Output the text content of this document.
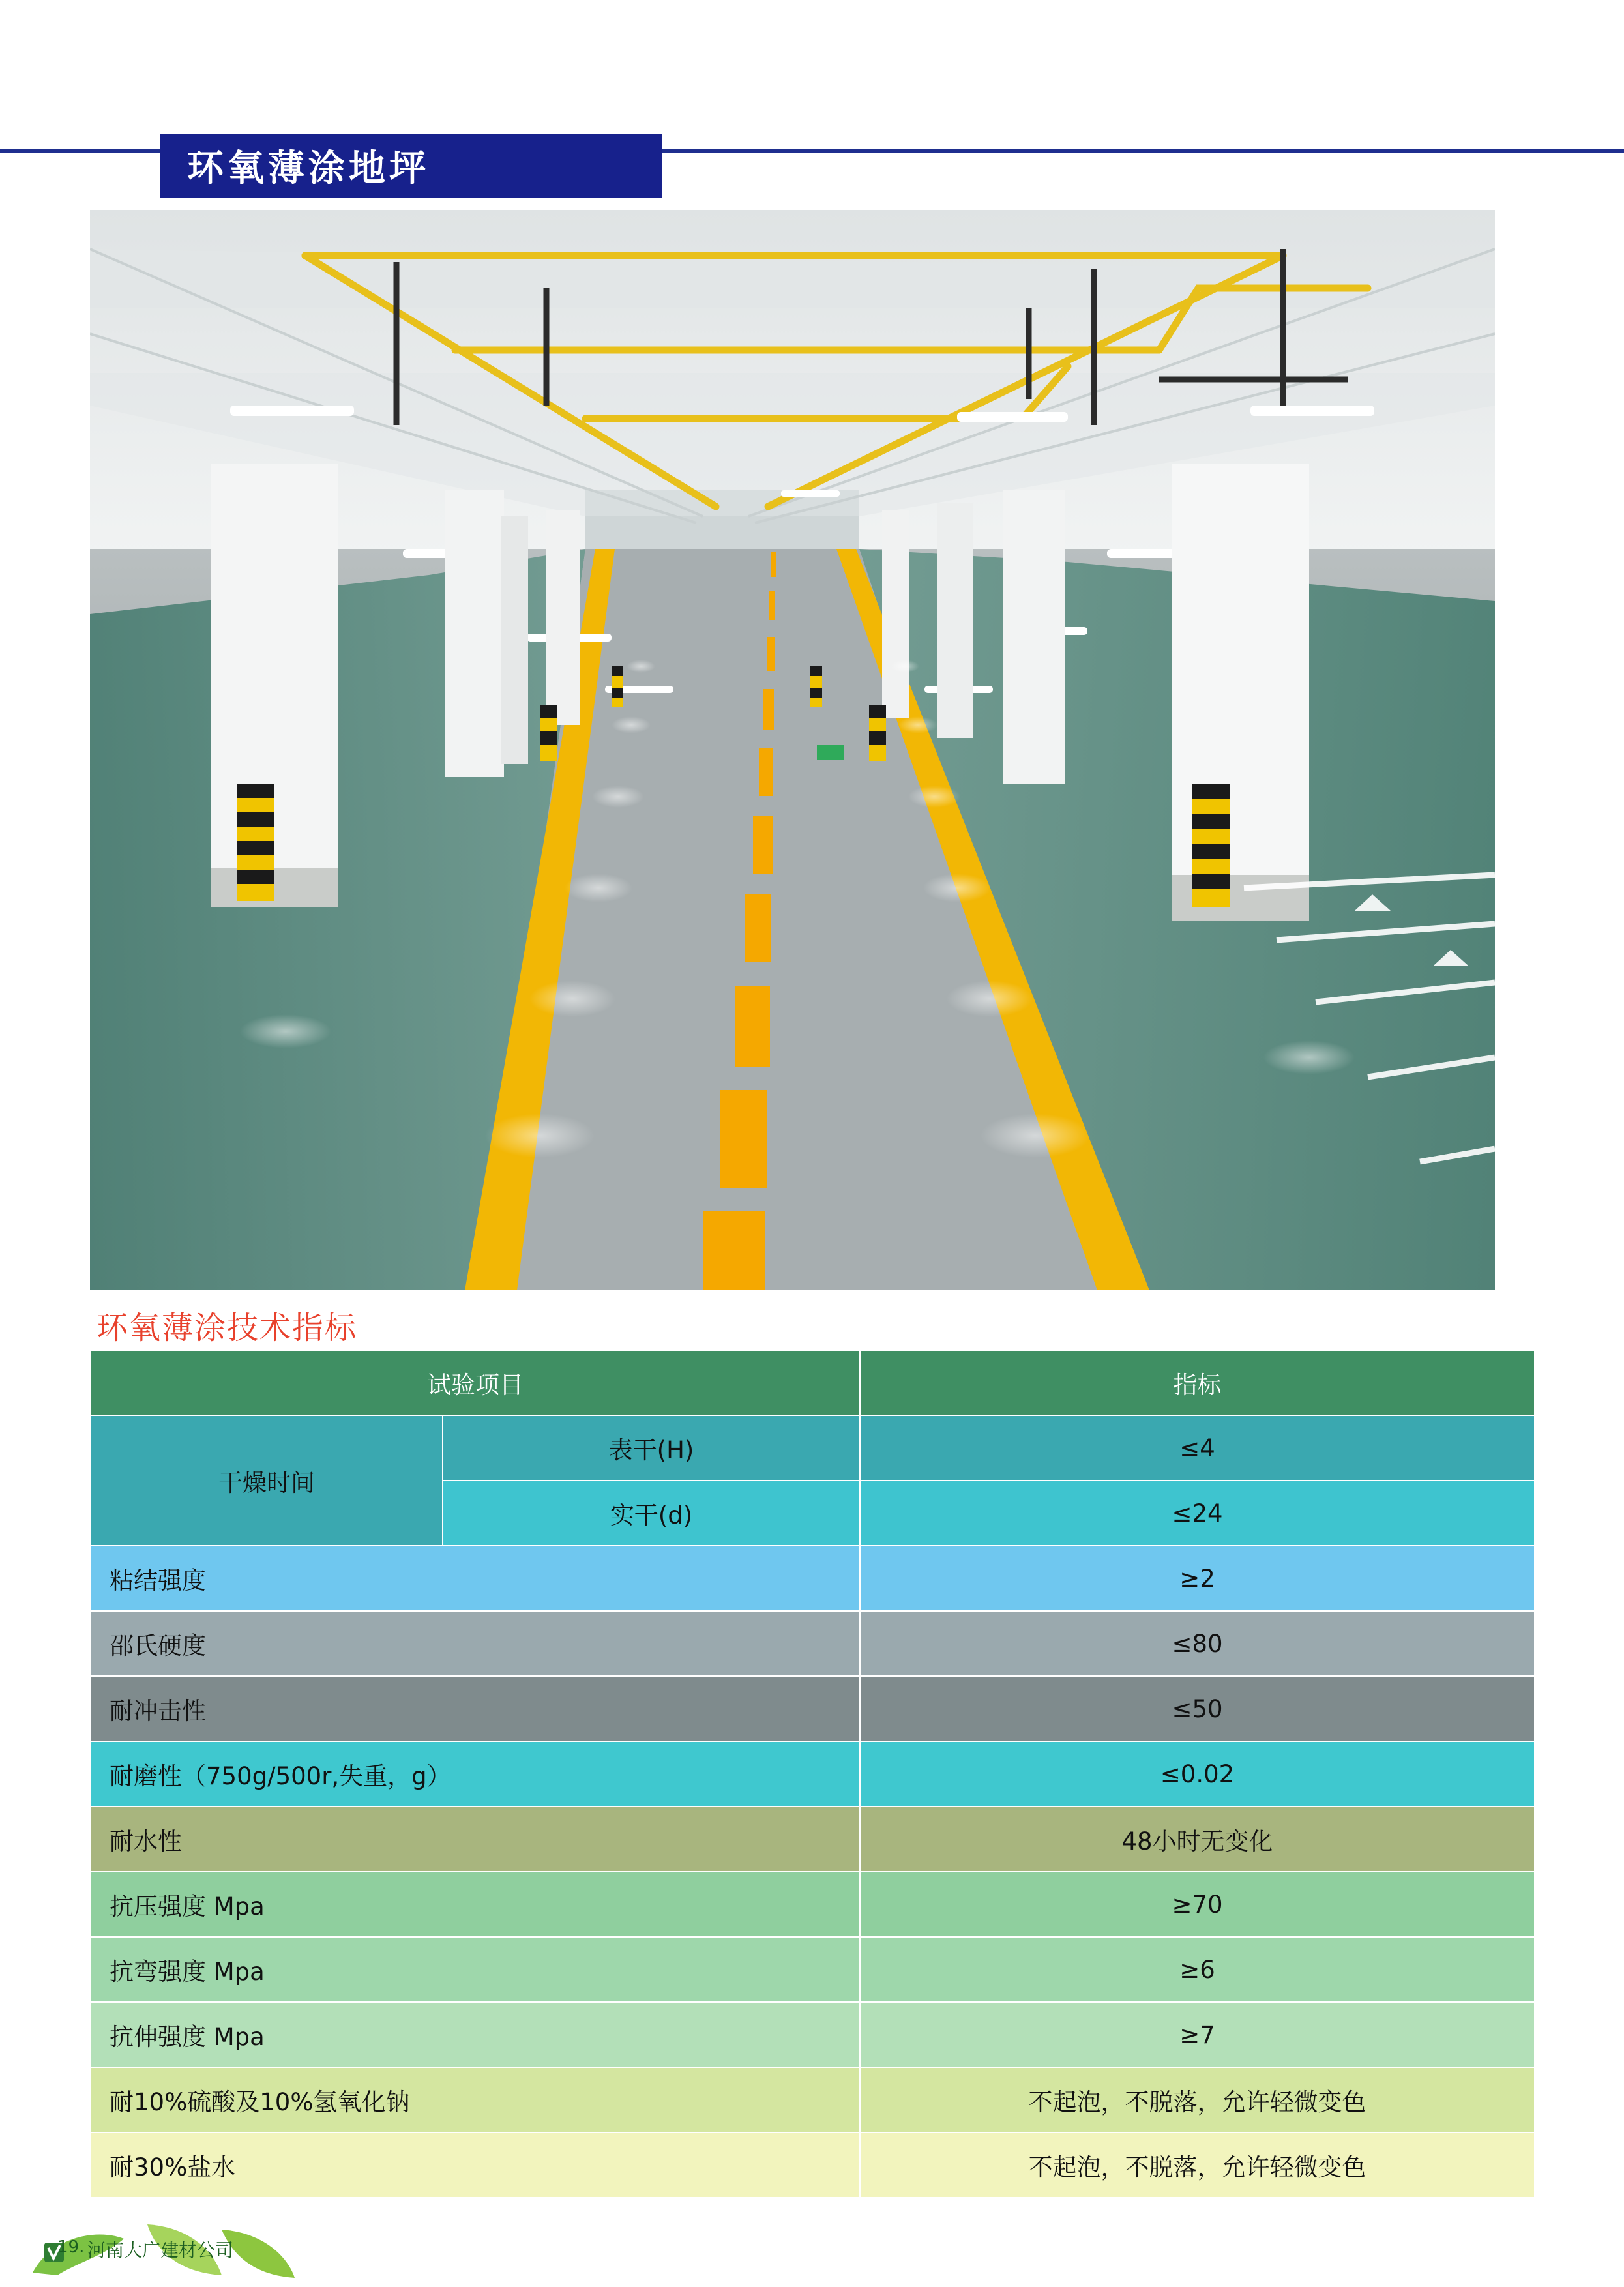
环氧薄涂地坪
环氧薄涂技术指标
试验项目		指标
干燥时间	表干(H)	≤4
	实干(d)	≤24
粘结强度		≥2
邵氏硬度		≤80
耐冲击性		≤50
耐磨性（750g/500r,失重，g）		≤0.02
耐水性		48小时无变化
抗压强度 Mpa		≥70
抗弯强度 Mpa		≥6
抗伸强度 Mpa		≥7
耐10%硫酸及10%氢氧化钠		不起泡，不脱落，允许轻微变色
耐30%盐水		不起泡，不脱落，允许轻微变色
19. 河南大广建材公司
